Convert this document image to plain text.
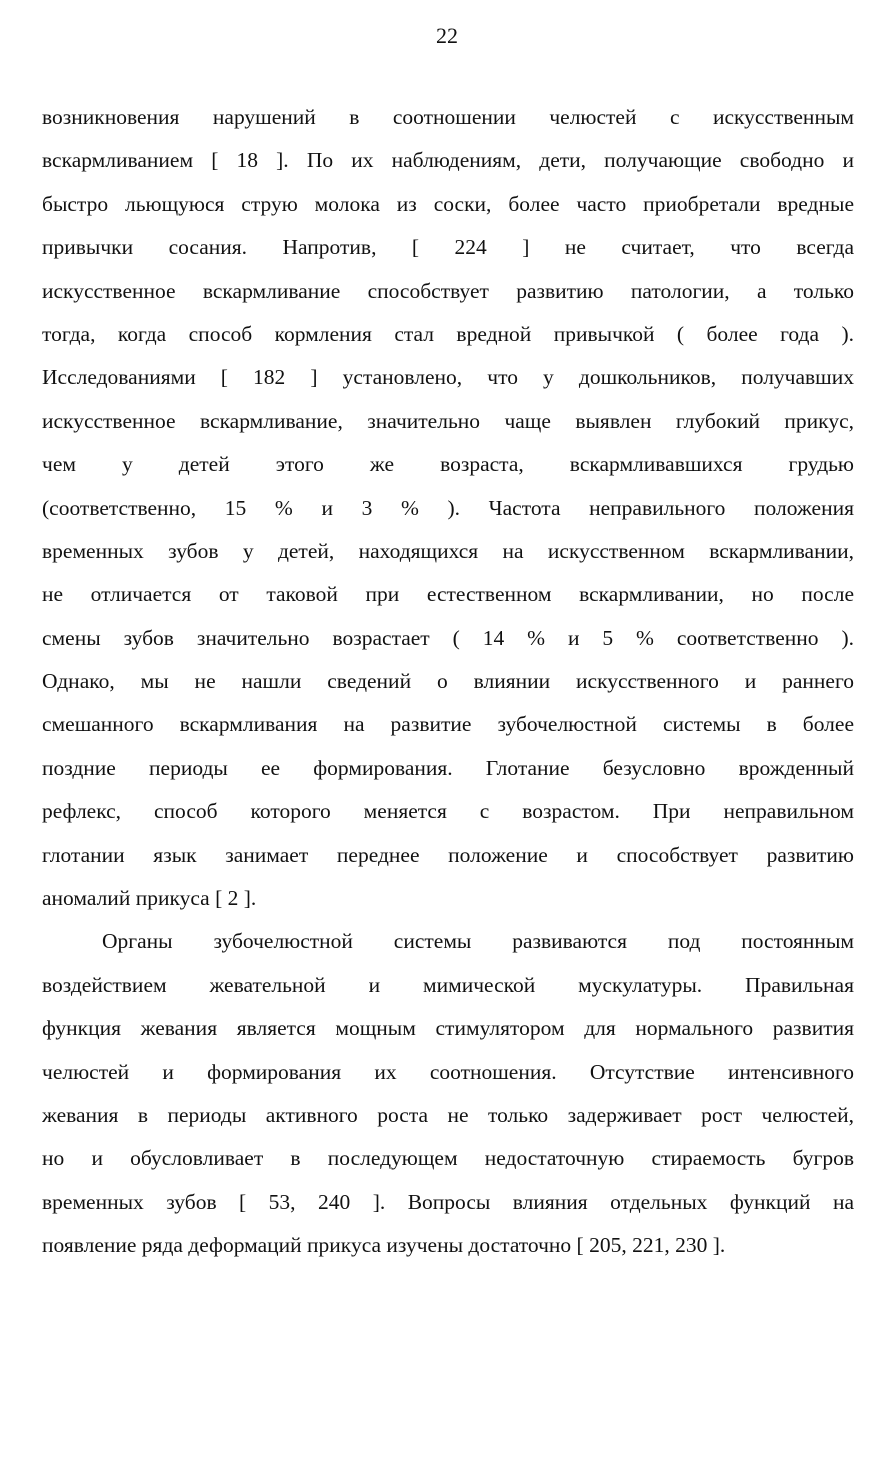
22
возникновения нарушений в соотношении челюстей с искусственным
вскармливанием [ 18 ]. По их наблюдениям, дети, получающие свободно и
быстро льющуюся струю молока из соски, более часто приобретали вредные
привычки сосания. Напротив, [ 224 ] не считает, что всегда
искусственное вскармливание способствует развитию патологии, а только
тогда, когда способ кормления стал вредной привычкой ( более года ).
Исследованиями [ 182 ] установлено, что у дошкольников, получавших
искусственное вскармливание, значительно чаще выявлен глубокий прикус,
чем у детей этого же возраста, вскармливавшихся грудью
(соответственно, 15 % и 3 % ). Частота неправильного положения
временных зубов у детей, находящихся на искусственном вскармливании,
не отличается от таковой при естественном вскармливании, но после
смены зубов значительно возрастает ( 14 % и 5 % соответственно ).
Однако, мы не нашли сведений о влиянии искусственного и раннего
смешанного вскармливания на развитие зубочелюстной системы в более
поздние периоды ее формирования. Глотание безусловно врожденный
рефлекс, способ которого меняется с возрастом. При неправильном
глотании язык занимает переднее положение и способствует развитию
аномалий прикуса [ 2 ].
Органы зубочелюстной системы развиваются под постоянным
воздействием жевательной и мимической мускулатуры. Правильная
функция жевания является мощным стимулятором для нормального развития
челюстей и формирования их соотношения. Отсутствие интенсивного
жевания в периоды активного роста не только задерживает рост челюстей,
но и обусловливает в последующем недостаточную стираемость бугров
временных зубов [ 53, 240 ]. Вопросы влияния отдельных функций на
появление ряда деформаций прикуса изучены достаточно [ 205, 221, 230 ].
